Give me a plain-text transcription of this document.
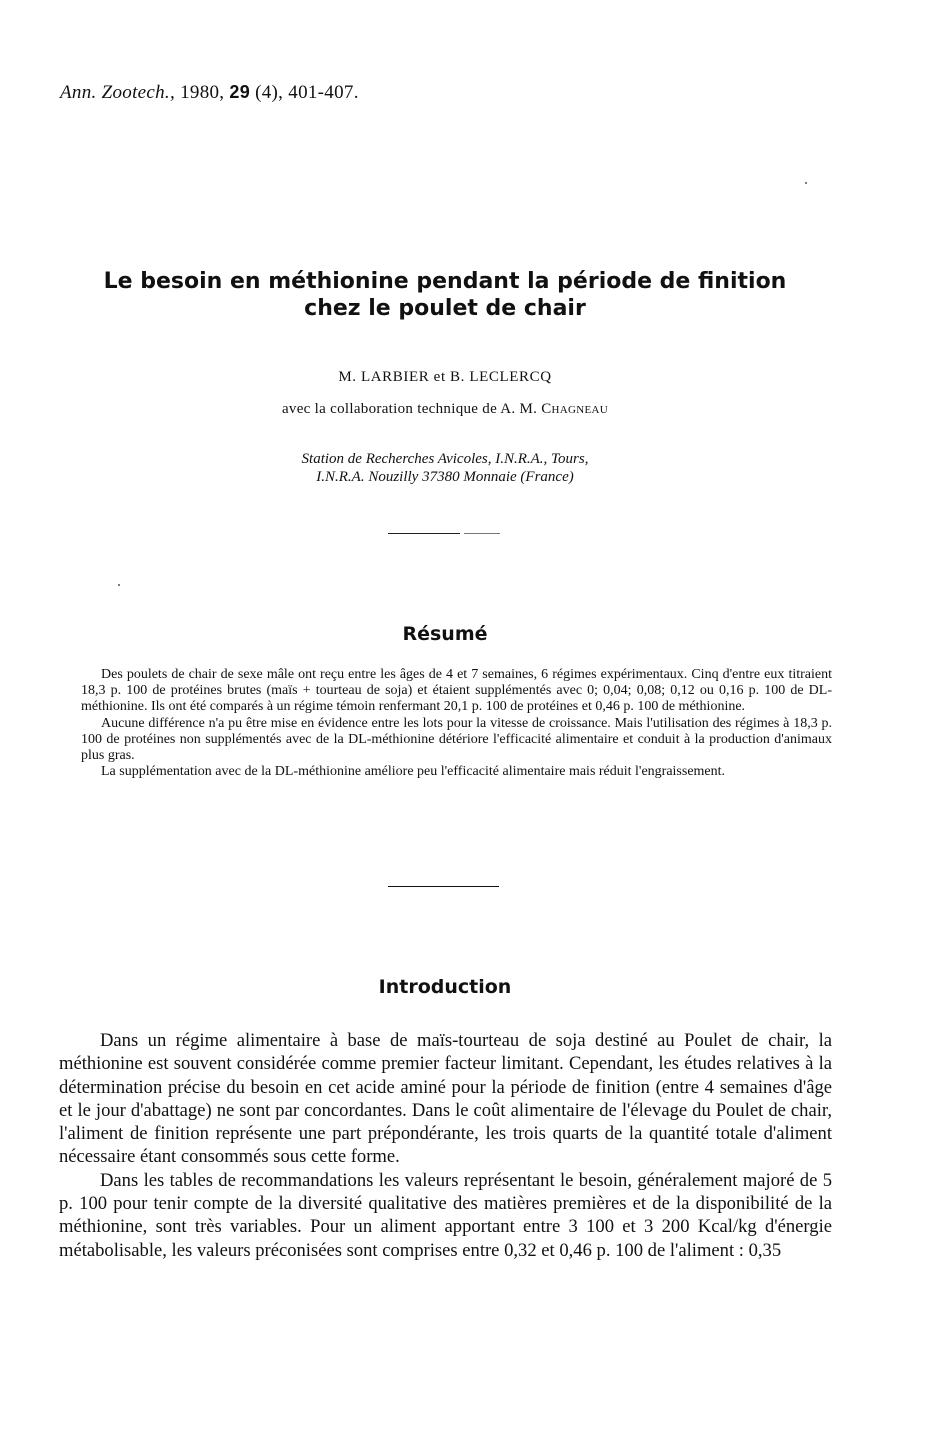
Ann. Zootech., 1980, 29 (4), 401-407.
Le besoin en méthionine pendant la période de finition
chez le poulet de chair
M. LARBIER et B. LECLERCQ
avec la collaboration technique de A. M. Chagneau
Station de Recherches Avicoles, I.N.R.A., Tours,
I.N.R.A. Nouzilly 37380 Monnaie (France)
Résumé

Des poulets de chair de sexe mâle ont reçu entre les âges de 4 et 7 semaines, 6 régimes expérimentaux. Cinq d'entre eux titraient 18,3 p. 100 de protéines brutes (maïs + tourteau de soja) et étaient supplémentés avec 0; 0,04; 0,08; 0,12 ou 0,16 p. 100 de DL-méthionine. Ils ont été comparés à un régime témoin renfermant 20,1 p. 100 de protéines et 0,46 p. 100 de méthionine.

Aucune différence n'a pu être mise en évidence entre les lots pour la vitesse de croissance. Mais l'utilisation des régimes à 18,3 p. 100 de protéines non supplémentés avec de la DL-méthionine détériore l'efficacité alimentaire et conduit à la production d'animaux plus gras.

La supplémentation avec de la DL-méthionine améliore peu l'efficacité alimentaire mais réduit l'engraissement.

Introduction

Dans un régime alimentaire à base de maïs-tourteau de soja destiné au Poulet de chair, la méthionine est souvent considérée comme premier facteur limitant. Cependant, les études relatives à la détermination précise du besoin en cet acide aminé pour la période de finition (entre 4 semaines d'âge et le jour d'abattage) ne sont par concordantes. Dans le coût alimentaire de l'élevage du Poulet de chair, l'aliment de finition représente une part prépondérante, les trois quarts de la quantité totale d'aliment nécessaire étant consommés sous cette forme.

Dans les tables de recommandations les valeurs représentant le besoin, généralement majoré de 5 p. 100 pour tenir compte de la diversité qualitative des matières premières et de la disponibilité de la méthionine, sont très variables. Pour un aliment apportant entre 3 100 et 3 200 Kcal/kg d'énergie métabolisable, les valeurs préconisées sont comprises entre 0,32 et 0,46 p. 100 de l'aliment : 0,35
